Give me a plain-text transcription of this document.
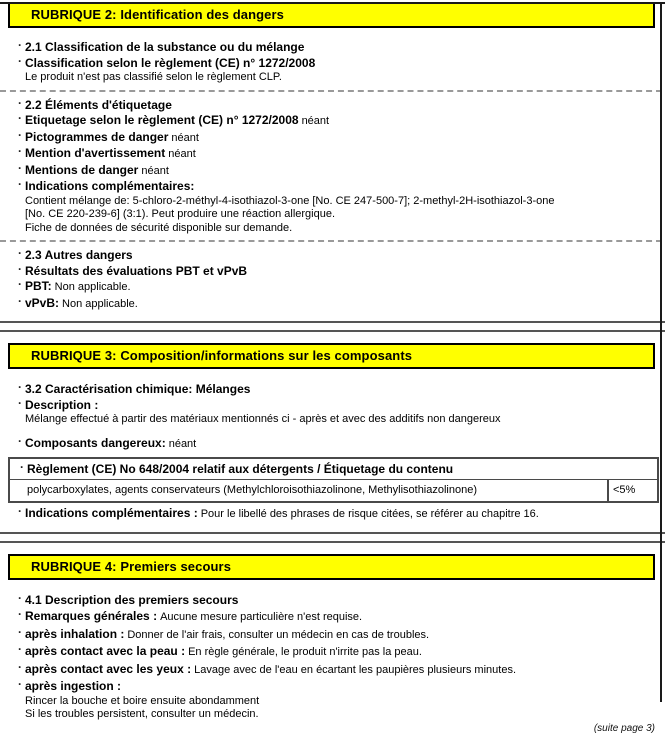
RUBRIQUE 2: Identification des dangers
· 2.1 Classification de la substance ou du mélange
· Classification selon le règlement (CE) n° 1272/2008
Le produit n'est pas classifié selon le règlement CLP.
· 2.2 Éléments d'étiquetage
· Etiquetage selon le règlement (CE) n° 1272/2008 néant
· Pictogrammes de danger néant
· Mention d'avertissement néant
· Mentions de danger néant
· Indications complémentaires:
Contient mélange de: 5-chloro-2-méthyl-4-isothiazol-3-one [No. CE 247-500-7]; 2-methyl-2H-isothiazol-3-one
[No. CE 220-239-6] (3:1). Peut produire une réaction allergique.
Fiche de données de sécurité disponible sur demande.
· 2.3 Autres dangers
· Résultats des évaluations PBT et vPvB
· PBT: Non applicable.
· vPvB: Non applicable.
RUBRIQUE 3: Composition/informations sur les composants
· 3.2 Caractérisation chimique: Mélanges
· Description :
Mélange effectué à partir des matériaux mentionnés ci - après et avec des additifs non dangereux
· Composants dangereux: néant
· Règlement (CE) No 648/2004 relatif aux détergents / Étiquetage du contenu
polycarboxylates, agents conservateurs (Methylchloroisothiazolinone, Methylisothiazolinone)	<5%
· Indications complémentaires : Pour le libellé des phrases de risque citées, se référer au chapitre 16.
RUBRIQUE 4: Premiers secours
· 4.1 Description des premiers secours
· Remarques générales : Aucune mesure particulière n'est requise.
· après inhalation : Donner de l'air frais, consulter un médecin en cas de troubles.
· après contact avec la peau : En règle générale, le produit n'irrite pas la peau.
· après contact avec les yeux : Lavage avec de l'eau en écartant les paupières plusieurs minutes.
· après ingestion :
Rincer la bouche et boire ensuite abondamment
Si les troubles persistent, consulter un médecin.
(suite page 3)
